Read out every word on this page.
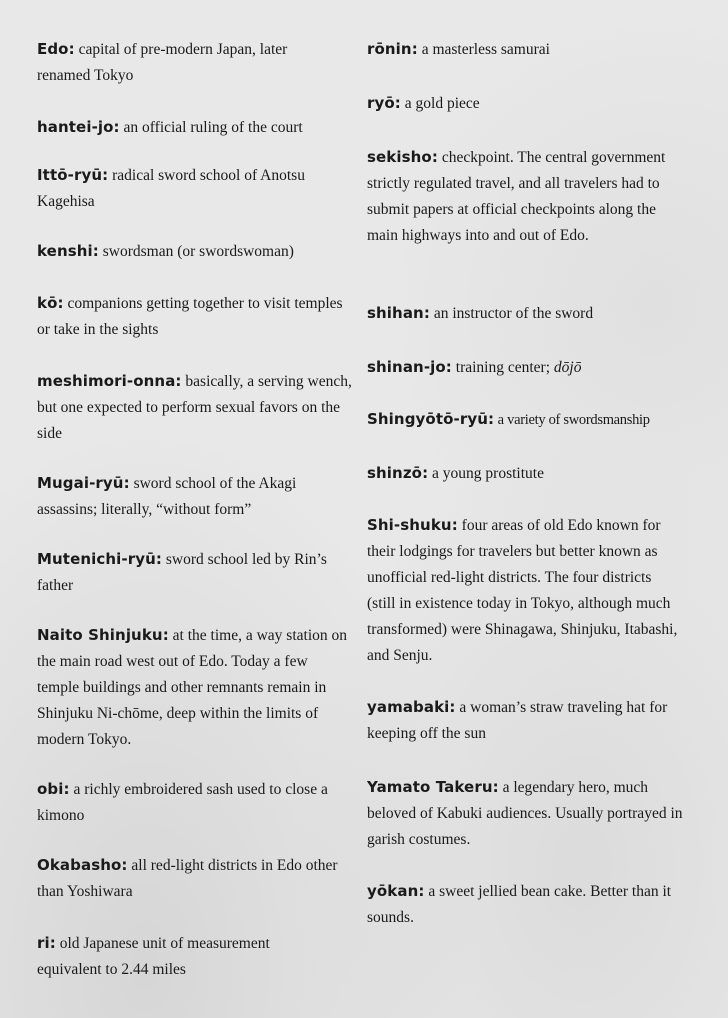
Edo: capital of pre-modern Japan, later renamed Tokyo
hantei-jo: an official ruling of the court
Ittō-ryū: radical sword school of Anotsu Kagehisa
kenshi: swordsman (or swordswoman)
kō: companions getting together to visit temples or take in the sights
meshimori-onna: basically, a serving wench, but one expected to perform sexual favors on the side
Mugai-ryū: sword school of the Akagi assassins; literally, “without form”
Mutenichi-ryū: sword school led by Rin’s father
Naito Shinjuku: at the time, a way station on the main road west out of Edo. Today a few temple buildings and other remnants remain in Shinjuku Ni-chōme, deep within the limits of modern Tokyo.
obi: a richly embroidered sash used to close a kimono
Okabasho: all red-light districts in Edo other than Yoshiwara
ri: old Japanese unit of measurement equivalent to 2.44 miles
rōnin: a masterless samurai
ryō: a gold piece
sekisho: checkpoint. The central government strictly regulated travel, and all travelers had to submit papers at official checkpoints along the main highways into and out of Edo.
shihan: an instructor of the sword
shinan-jo: training center; dōjō
Shingyōtō-ryū: a variety of swordsmanship
shinzō: a young prostitute
Shi-shuku: four areas of old Edo known for their lodgings for travelers but better known as unofficial red-light districts. The four districts (still in existence today in Tokyo, although much transformed) were Shinagawa, Shinjuku, Itabashi, and Senju.
yamabaki: a woman’s straw traveling hat for keeping off the sun
Yamato Takeru: a legendary hero, much beloved of Kabuki audiences. Usually portrayed in garish costumes.
yōkan: a sweet jellied bean cake. Better than it sounds.
